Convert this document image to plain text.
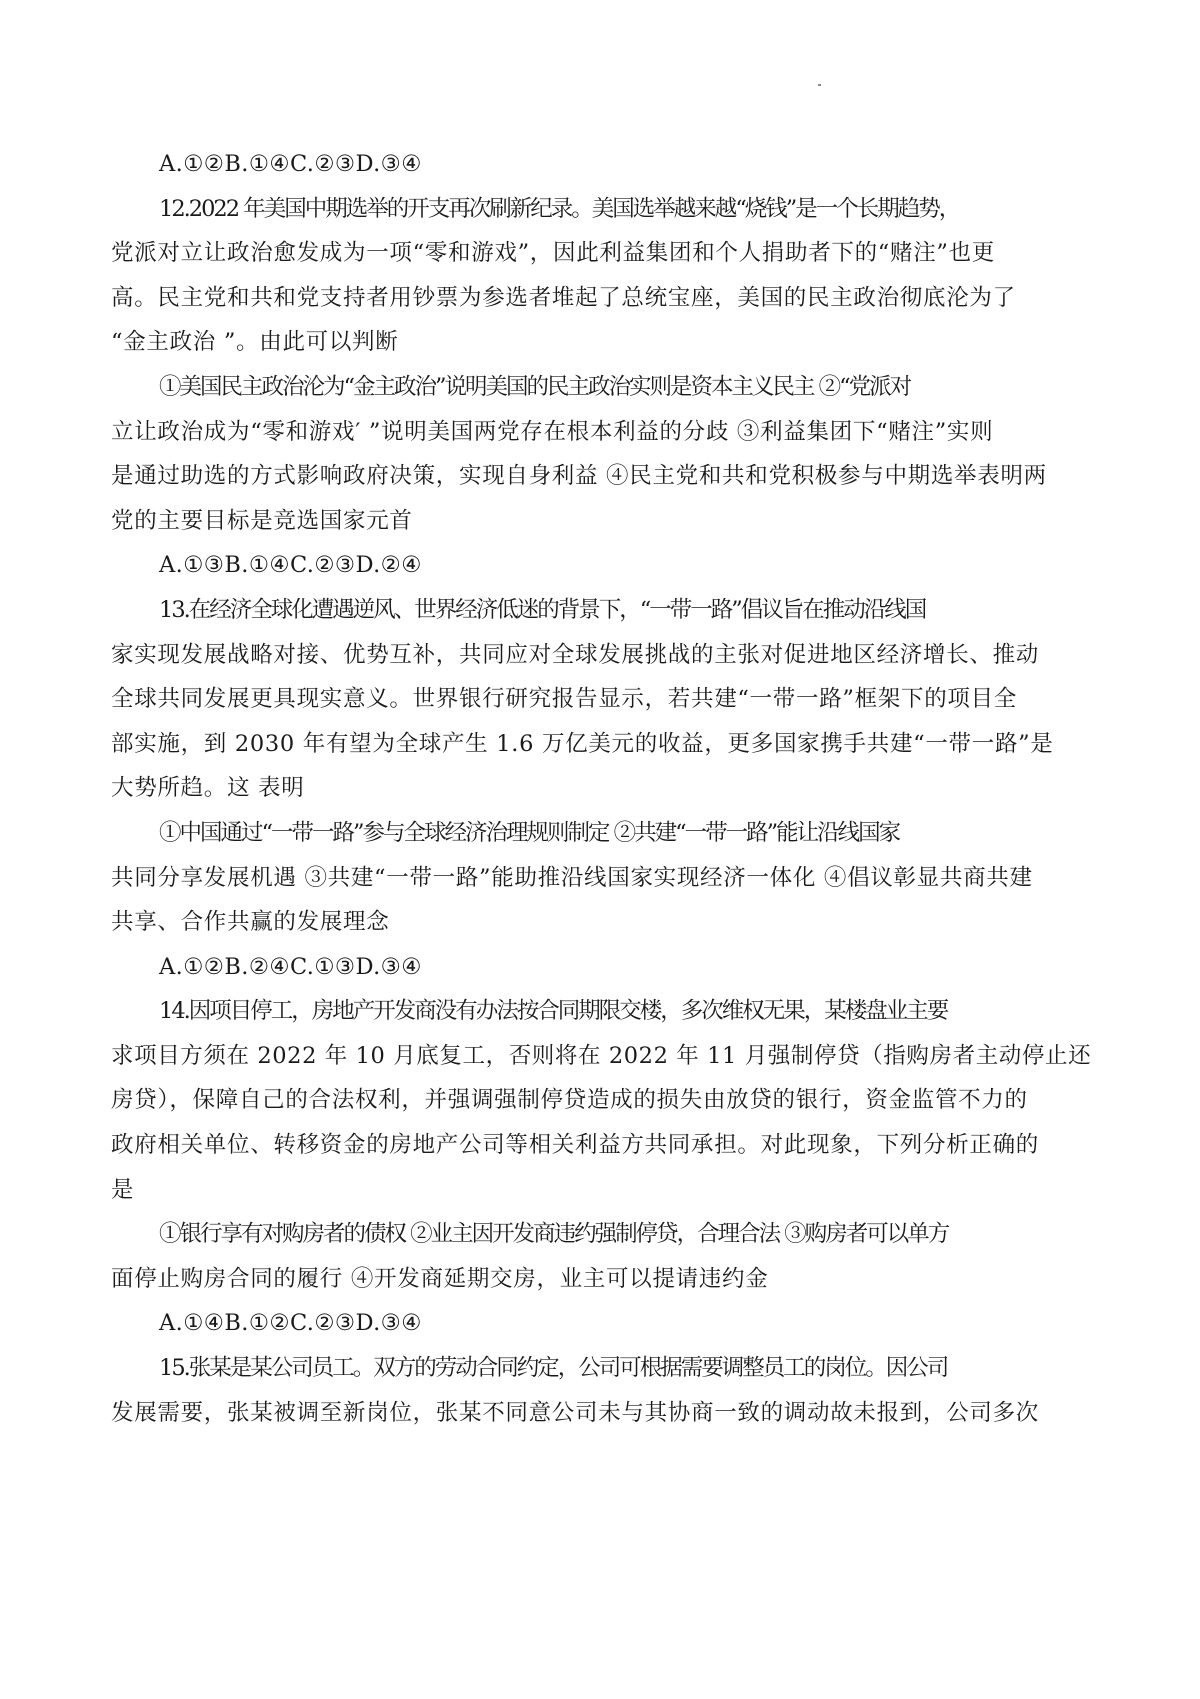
A.①②B.①④C.②③D.③④
12.2022 年美国中期选举的开支再次刷新纪录。美国选举越来越“烧钱”是一个长期趋势，
党派对立让政治愈发成为一项“零和游戏”，因此利益集团和个人捐助者下的“赌注”也更
高。民主党和共和党支持者用钞票为参选者堆起了总统宝座，美国的民主政治彻底沦为了
“金主政治 ”。由此可以判断
①美国民主政治沦为“金主政治”说明美国的民主政治实则是资本主义民主 ②“党派对
立让政治成为“零和游戏′ ”说明美国两党存在根本利益的分歧 ③利益集团下“赌注”实则
是通过助选的方式影响政府决策，实现自身利益 ④民主党和共和党积极参与中期选举表明两
党的主要目标是竞选国家元首
A.①③B.①④C.②③D.②④
13.在经济全球化遭遇逆风、世界经济低迷的背景下，“一带一路”倡议旨在推动沿线国
家实现发展战略对接、优势互补，共同应对全球发展挑战的主张对促进地区经济增长、推动
全球共同发展更具现实意义。世界银行研究报告显示，若共建“一带一路”框架下的项目全
部实施，到 2030 年有望为全球产生 1.6 万亿美元的收益，更多国家携手共建“一带一路”是
大势所趋。这 表明
①中国通过“一带一路”参与全球经济治理规则制定 ②共建“一带一路”能让沿线国家
共同分享发展机遇 ③共建“一带一路”能助推沿线国家实现经济一体化 ④倡议彰显共商共建
共享、合作共赢的发展理念
A.①②B.②④C.①③D.③④
14.因项目停工，房地产开发商没有办法按合同期限交楼，多次维权无果，某楼盘业主要
求项目方须在 2022 年 10 月底复工，否则将在 2022 年 11 月强制停贷（指购房者主动停止还
房贷），保障自己的合法权利，并强调强制停贷造成的损失由放贷的银行，资金监管不力的
政府相关单位、转移资金的房地产公司等相关利益方共同承担。对此现象，下列分析正确的
是
①银行享有对购房者的债权 ②业主因开发商违约强制停贷，合理合法 ③购房者可以单方
面停止购房合同的履行 ④开发商延期交房，业主可以提请违约金
A.①④B.①②C.②③D.③④
15.张某是某公司员工。双方的劳动合同约定，公司可根据需要调整员工的岗位。因公司
发展需要，张某被调至新岗位，张某不同意公司未与其协商一致的调动故未报到，公司多次
